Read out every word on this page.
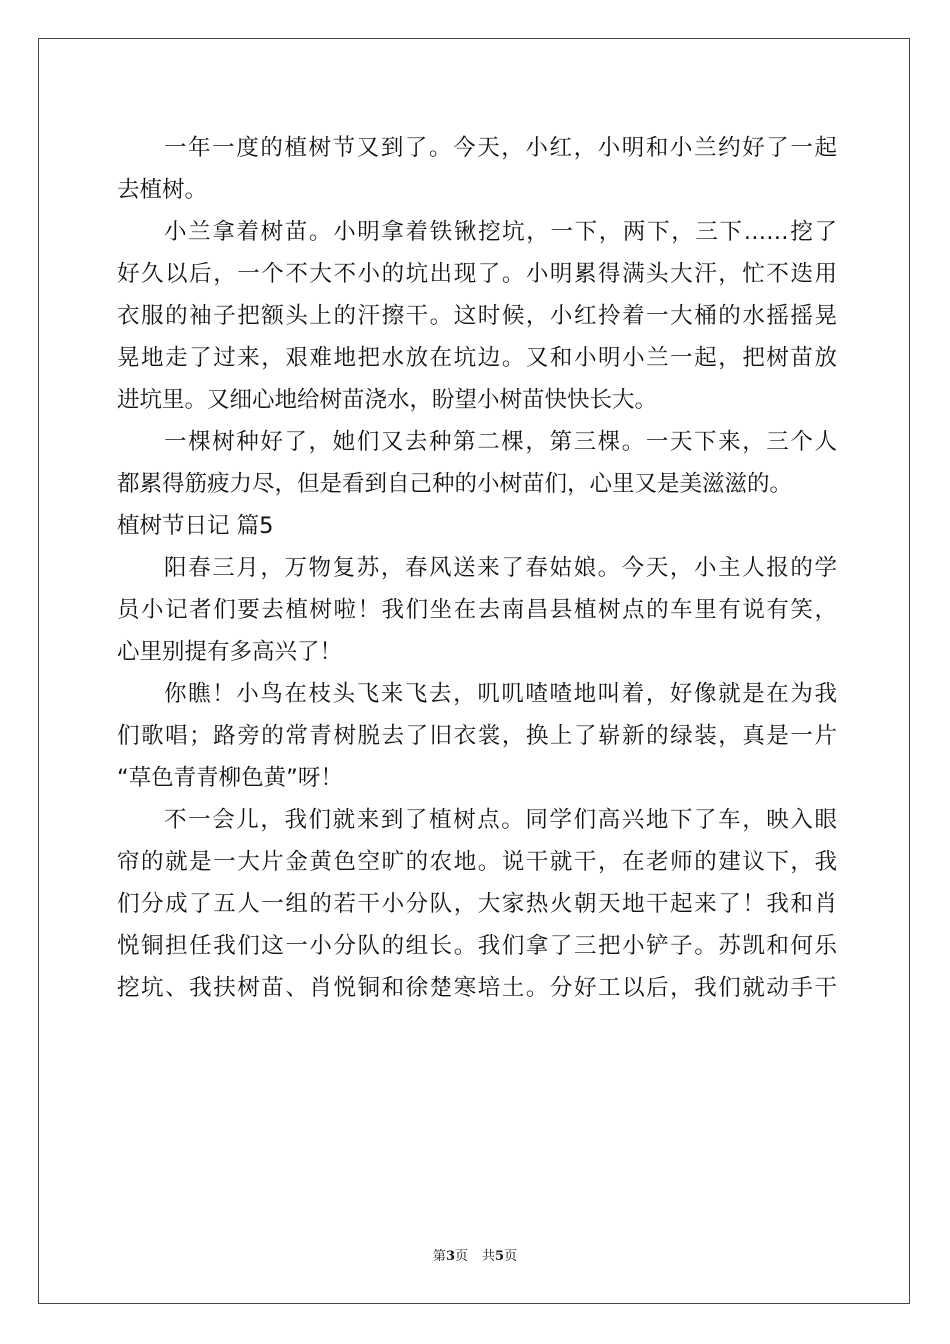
一年一度的植树节又到了。今天，小红，小明和小兰约好了一起
去植树。
小兰拿着树苗。小明拿着铁锹挖坑，一下，两下，三下……挖了
好久以后，一个不大不小的坑出现了。小明累得满头大汗，忙不迭用
衣服的袖子把额头上的汗擦干。这时候，小红拎着一大桶的水摇摇晃
晃地走了过来，艰难地把水放在坑边。又和小明小兰一起，把树苗放
进坑里。又细心地给树苗浇水，盼望小树苗快快长大。
一棵树种好了，她们又去种第二棵，第三棵。一天下来，三个人
都累得筋疲力尽，但是看到自己种的小树苗们，心里又是美滋滋的。
植树节日记 篇5
阳春三月，万物复苏，春风送来了春姑娘。今天，小主人报的学
员小记者们要去植树啦！我们坐在去南昌县植树点的车里有说有笑，
心里别提有多高兴了！
你瞧！小鸟在枝头飞来飞去，叽叽喳喳地叫着，好像就是在为我
们歌唱；路旁的常青树脱去了旧衣裳，换上了崭新的绿装，真是一片
“草色青青柳色黄”呀！
不一会儿，我们就来到了植树点。同学们高兴地下了车，映入眼
帘的就是一大片金黄色空旷的农地。说干就干，在老师的建议下，我
们分成了五人一组的若干小分队，大家热火朝天地干起来了！我和肖
悦铜担任我们这一小分队的组长。我们拿了三把小铲子。苏凯和何乐
挖坑、我扶树苗、肖悦铜和徐楚寒培土。分好工以后，我们就动手干
第3页 共5页
